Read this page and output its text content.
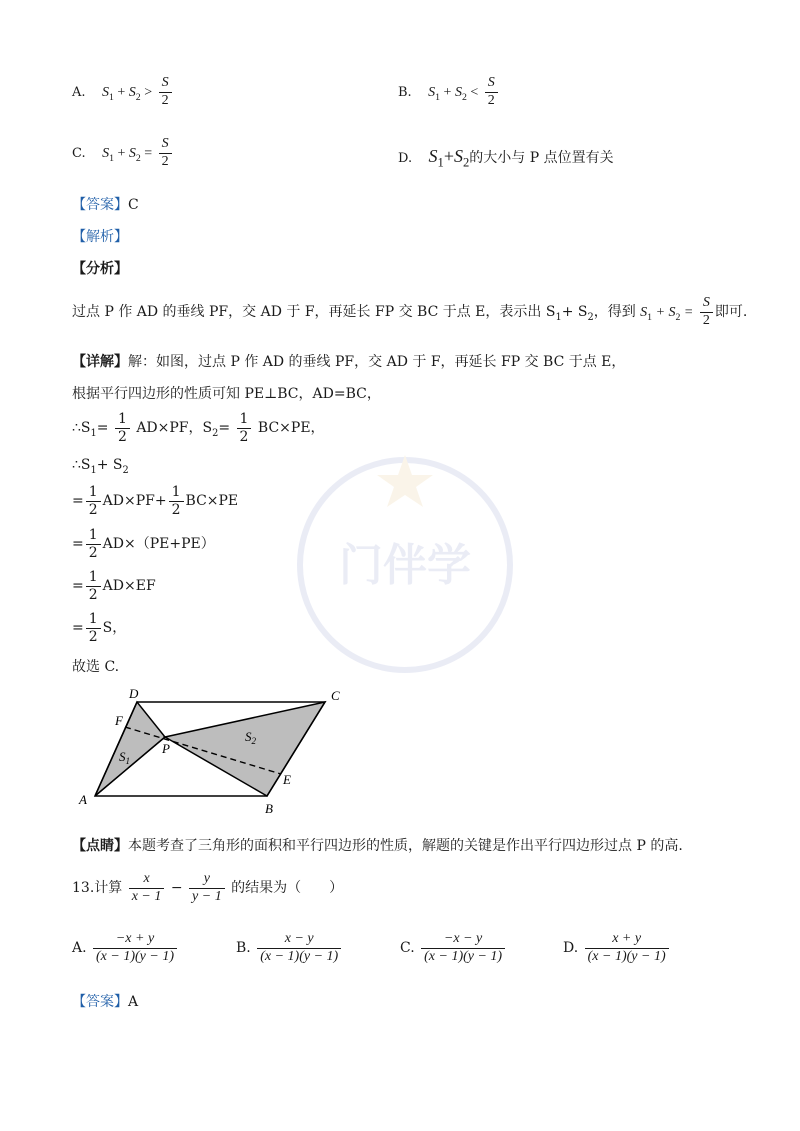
门伴学
A. $S_1 + S_2 > \frac{S}{2}$	B. $S_1 + S_2 < \frac{S}{2}$
C. $S_1 + S_2 = \frac{S}{2}$	D. $S_1+S_2$的大小与 P 点位置有关
【答案】C
【解析】
【分析】
过点 P 作 AD 的垂线 PF，交 AD 于 F，再延长 FP 交 BC 于点 E，表示出 $S_1+ S_2$，得到 $S_1 + S_2 = \frac{S}{2}$ 即可.
【详解】解：如图，过点 P 作 AD 的垂线 PF，交 AD 于 F，再延长 FP 交 BC 于点 E，
根据平行四边形的性质可知 PE⊥BC，AD=BC，
$\therefore S_1= \frac{1}{2} AD\times PF$，$S_2= \frac{1}{2} BC\times PE$，
$\therefore S_1+ S_2$
= $\frac{1}{2} AD\times PF+ \frac{1}{2} BC\times PE$
= $\frac{1}{2} AD\times(PE+PE)$
= $\frac{1}{2} AD\times EF$
= $\frac{1}{2}$ S，
故选 C.
D	C
F
P
E
A
B
$S_1$
$S_2$
【点睛】本题考查了三角形的面积和平行四边形的性质，解题的关键是作出平行四边形过点 P 的高.
13.计算 $\frac{x}{x - 1} - \frac{y}{y - 1}$ 的结果为（　　）
A. $\frac{-x + y}{(x - 1)(y - 1)}$	B. $\frac{x - y}{(x - 1)(y - 1)}$	C. $\frac{-x - y}{(x - 1)(y - 1)}$	D. $\frac{x + y}{(x - 1)(y - 1)}$
【答案】A
